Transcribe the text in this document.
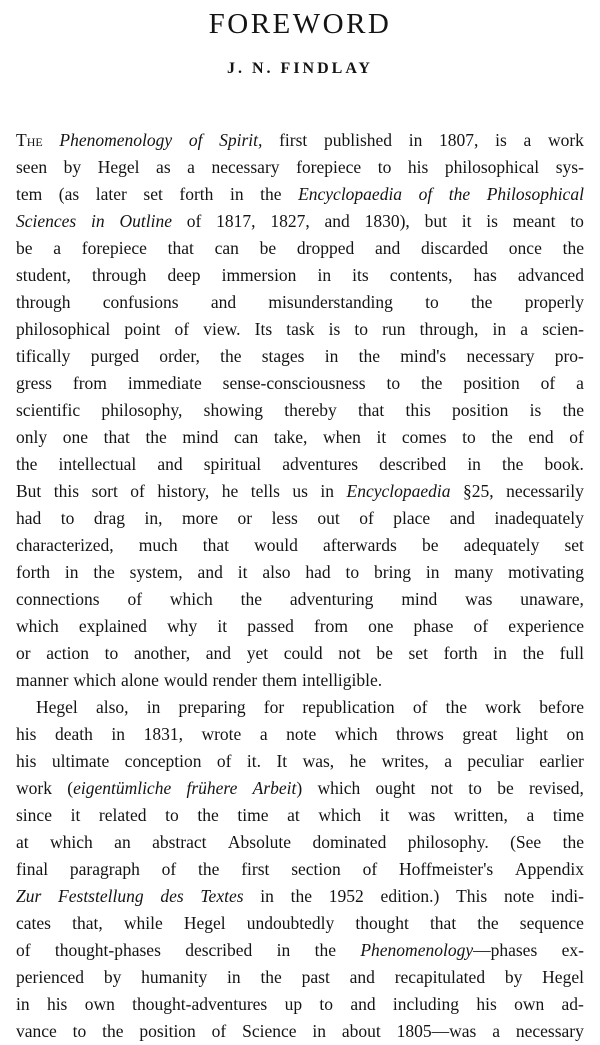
FOREWORD
J. N. FINDLAY
The Phenomenology of Spirit, first published in 1807, is a work
seen by Hegel as a necessary forepiece to his philosophical sys-
tem (as later set forth in the Encyclopaedia of the Philosophical
Sciences in Outline of 1817, 1827, and 1830), but it is meant to
be a forepiece that can be dropped and discarded once the
student, through deep immersion in its contents, has advanced
through confusions and misunderstanding to the properly
philosophical point of view. Its task is to run through, in a scien-
tifically purged order, the stages in the mind's necessary pro-
gress from immediate sense-consciousness to the position of a
scientific philosophy, showing thereby that this position is the
only one that the mind can take, when it comes to the end of
the intellectual and spiritual adventures described in the book.
But this sort of history, he tells us in Encyclopaedia §25, necessarily
had to drag in, more or less out of place and inadequately
characterized, much that would afterwards be adequately set
forth in the system, and it also had to bring in many motivating
connections of which the adventuring mind was unaware,
which explained why it passed from one phase of experience
or action to another, and yet could not be set forth in the full
manner which alone would render them intelligible.
Hegel also, in preparing for republication of the work before
his death in 1831, wrote a note which throws great light on
his ultimate conception of it. It was, he writes, a peculiar earlier
work (eigentümliche frühere Arbeit) which ought not to be revised,
since it related to the time at which it was written, a time
at which an abstract Absolute dominated philosophy. (See the
final paragraph of the first section of Hoffmeister's Appendix
Zur Feststellung des Textes in the 1952 edition.) This note indi-
cates that, while Hegel undoubtedly thought that the sequence
of thought-phases described in the Phenomenology—phases ex-
perienced by humanity in the past and recapitulated by Hegel
in his own thought-adventures up to and including his own ad-
vance to the position of Science in about 1805—was a necessary
